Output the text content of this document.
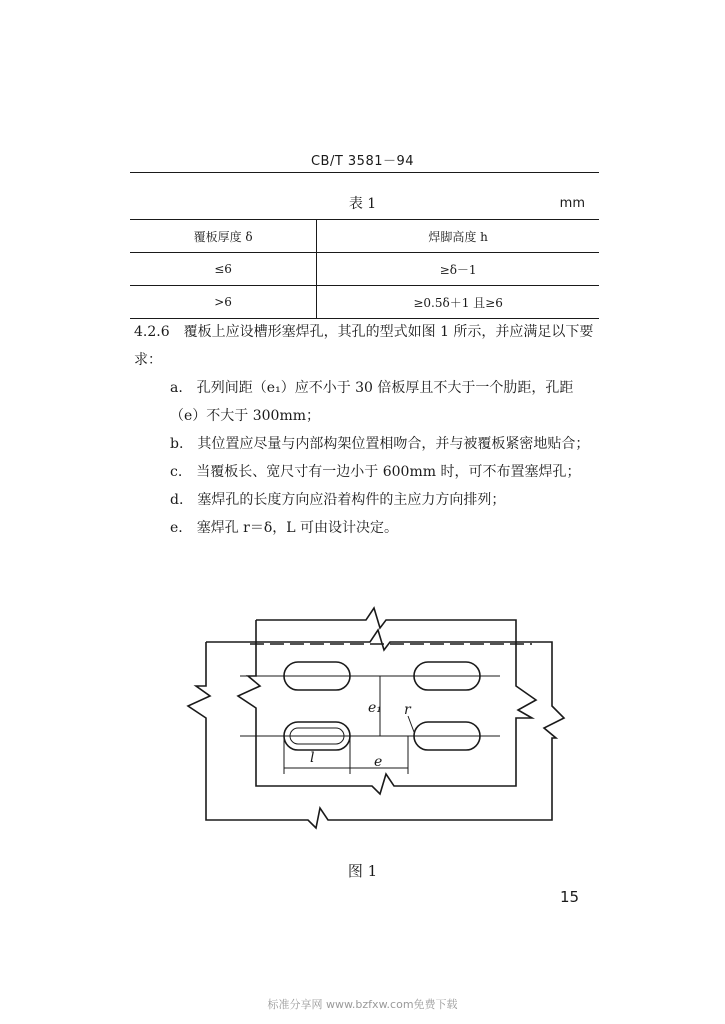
CB/T 3581－94
表 1	mm
覆板厚度 δ	焊脚高度 h
≤6	≥δ－1
>6	≥0.5δ＋1 且≥6

4.2.6　覆板上应设槽形塞焊孔，其孔的型式如图 1 所示，并应满足以下要求：

a.　孔列间距（e₁）应不小于 30 倍板厚且不大于一个肋距，孔距（e）不大于 300mm；

b.　其位置应尽量与内部构架位置相吻合，并与被覆板紧密地贴合；

c.　当覆板长、宽尺寸有一边小于 600mm 时，可不布置塞焊孔；

d.　塞焊孔的长度方向应沿着构件的主应力方向排列；

e.　塞焊孔 r＝δ，L 可由设计决定。

e₁ r
l	e
图 1
15
标准分享网 www.bzfxw.com免费下载
